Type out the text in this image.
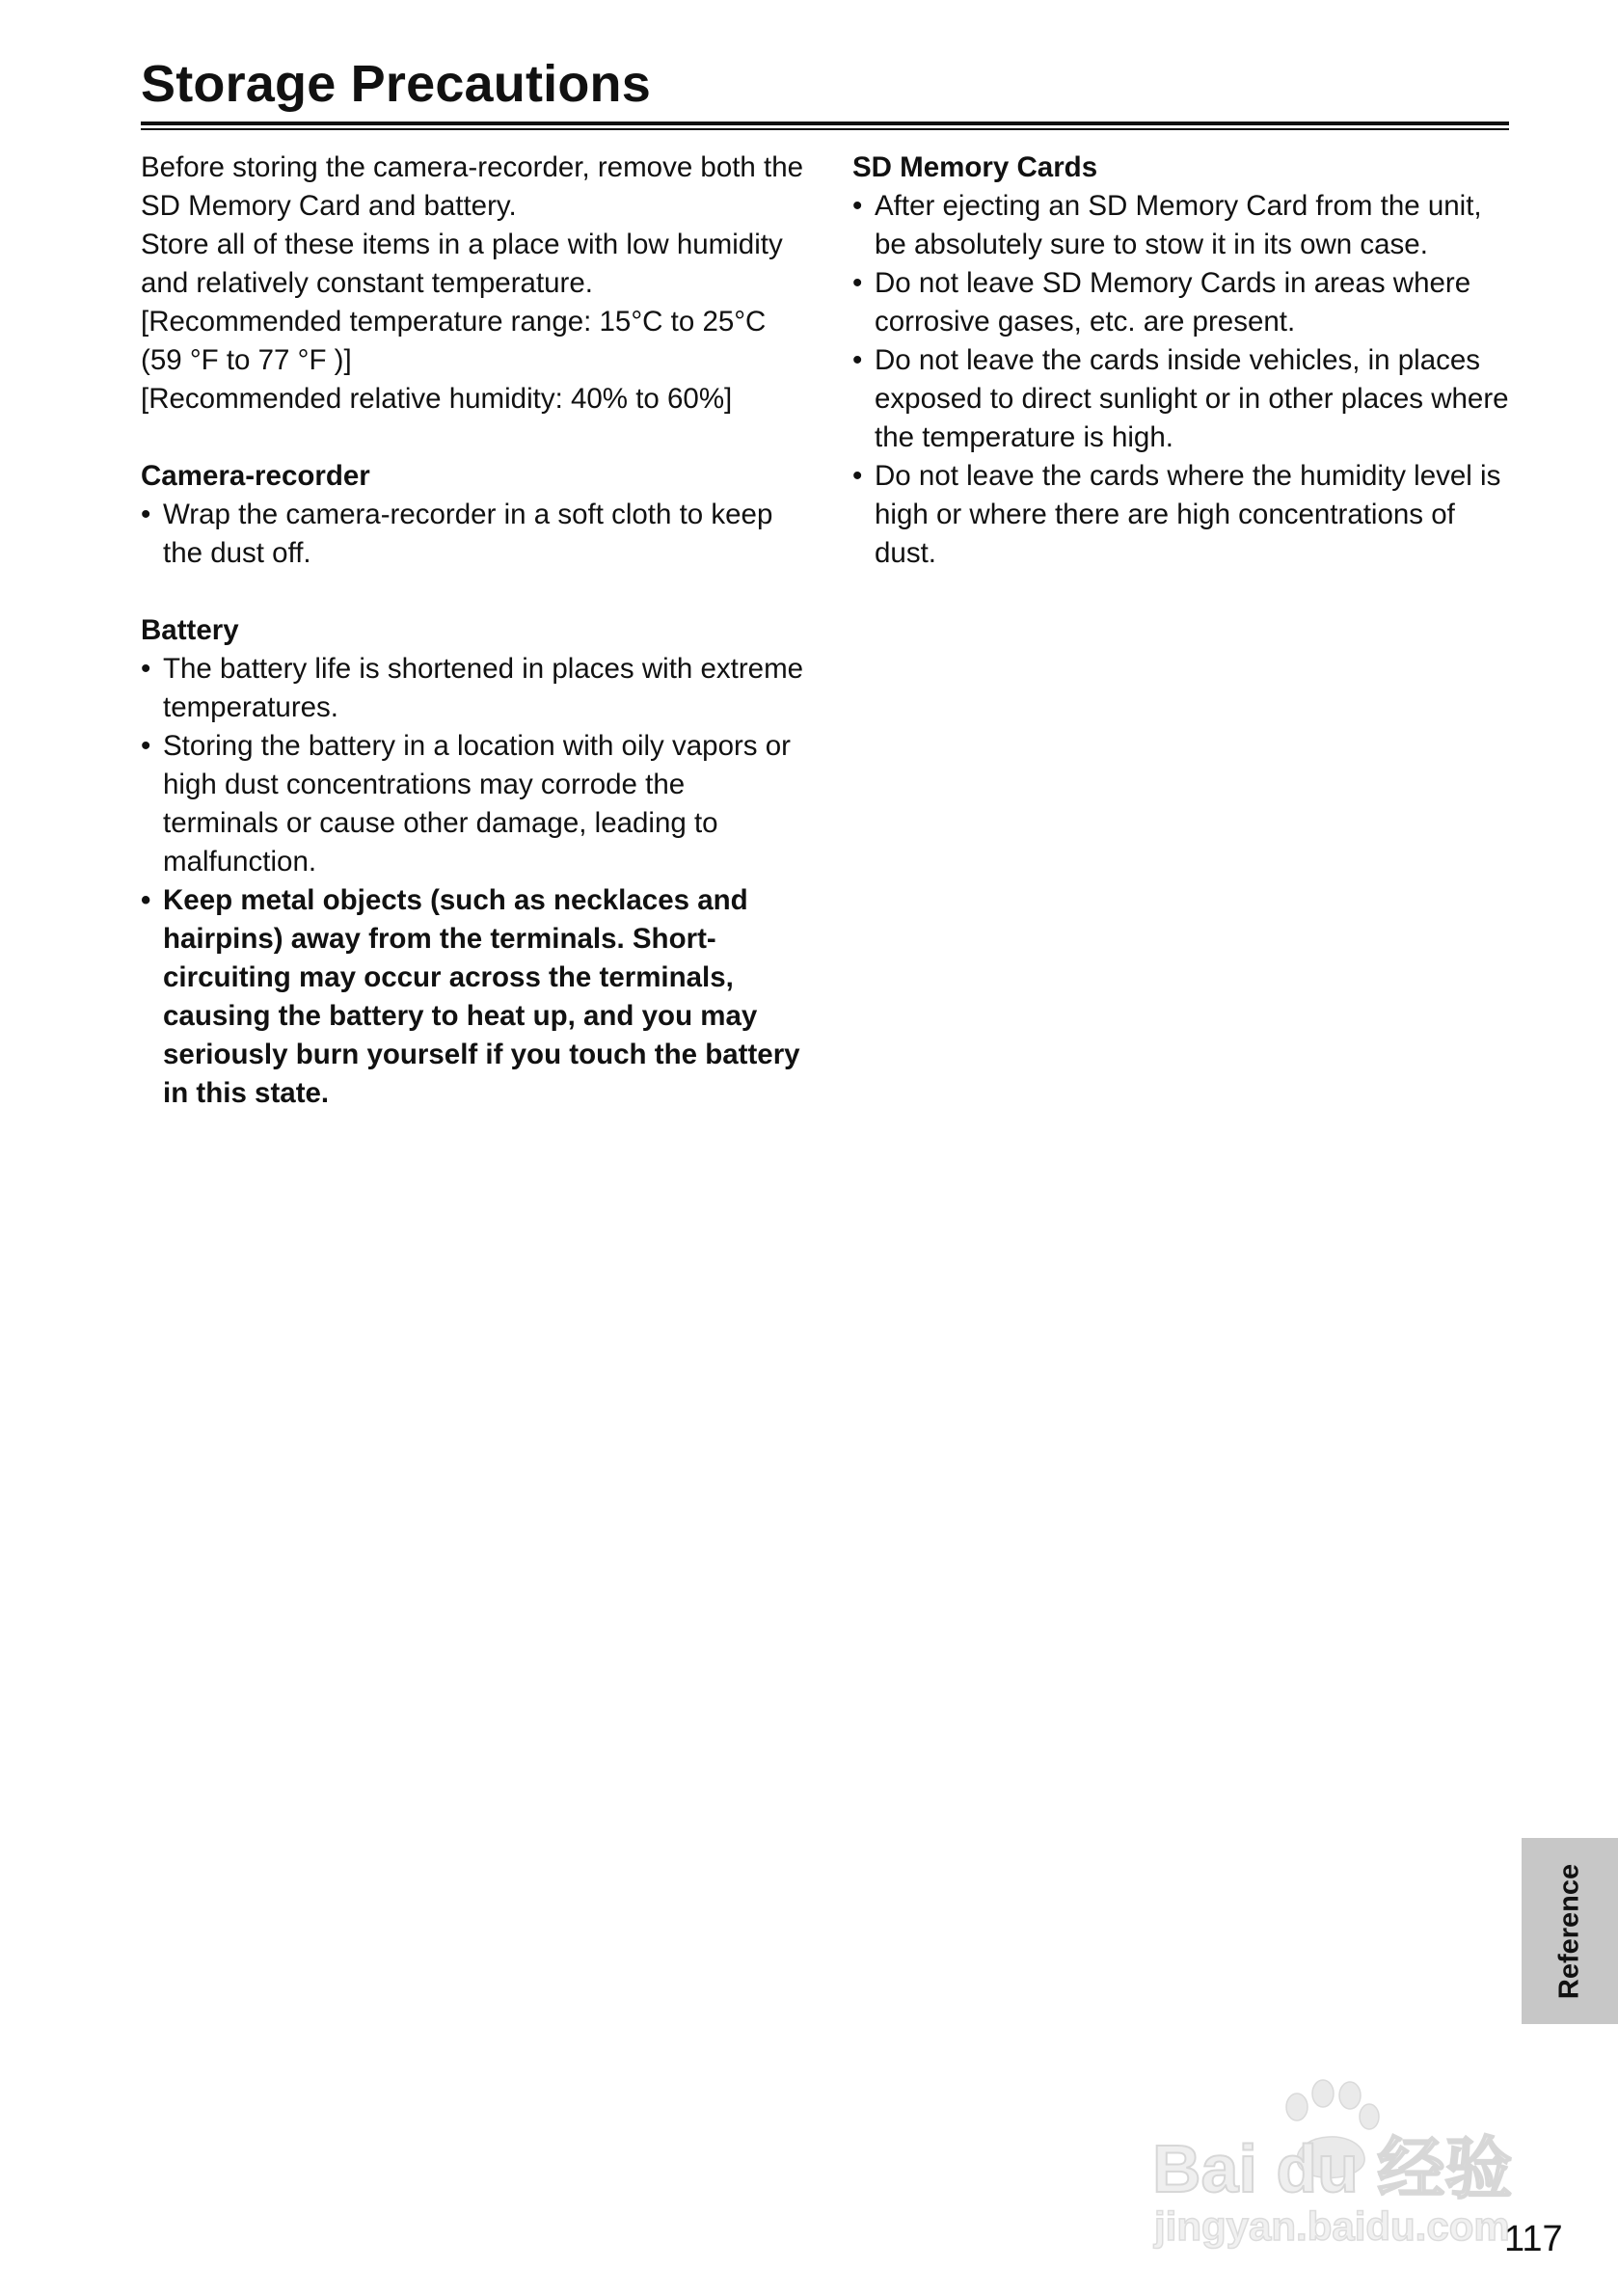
Storage Precautions

Before storing the camera-recorder, remove both the SD Memory Card and battery.

Store all of these items in a place with low humidity and relatively constant temperature.

[Recommended temperature range: 15°C to 25°C (59 °F to 77 °F )]

[Recommended relative humidity: 40% to 60%]

Camera-recorder

• Wrap the camera-recorder in a soft cloth to keep the dust off.

Battery

• The battery life is shortened in places with extreme temperatures.
• Storing the battery in a location with oily vapors or high dust concentrations may corrode the terminals or cause other damage, leading to malfunction.
• Keep metal objects (such as necklaces and hairpins) away from the terminals. Short-circuiting may occur across the terminals, causing the battery to heat up, and you may seriously burn yourself if you touch the battery in this state.

SD Memory Cards

• After ejecting an SD Memory Card from the unit, be absolutely sure to stow it in its own case.
• Do not leave SD Memory Cards in areas where corrosive gases, etc. are present.
• Do not leave the cards inside vehicles, in places exposed to direct sunlight or in other places where the temperature is high.
• Do not leave the cards where the humidity level is high or where there are high concentrations of dust.
Reference
Bai du 经验
jingyan.baidu.com
117
